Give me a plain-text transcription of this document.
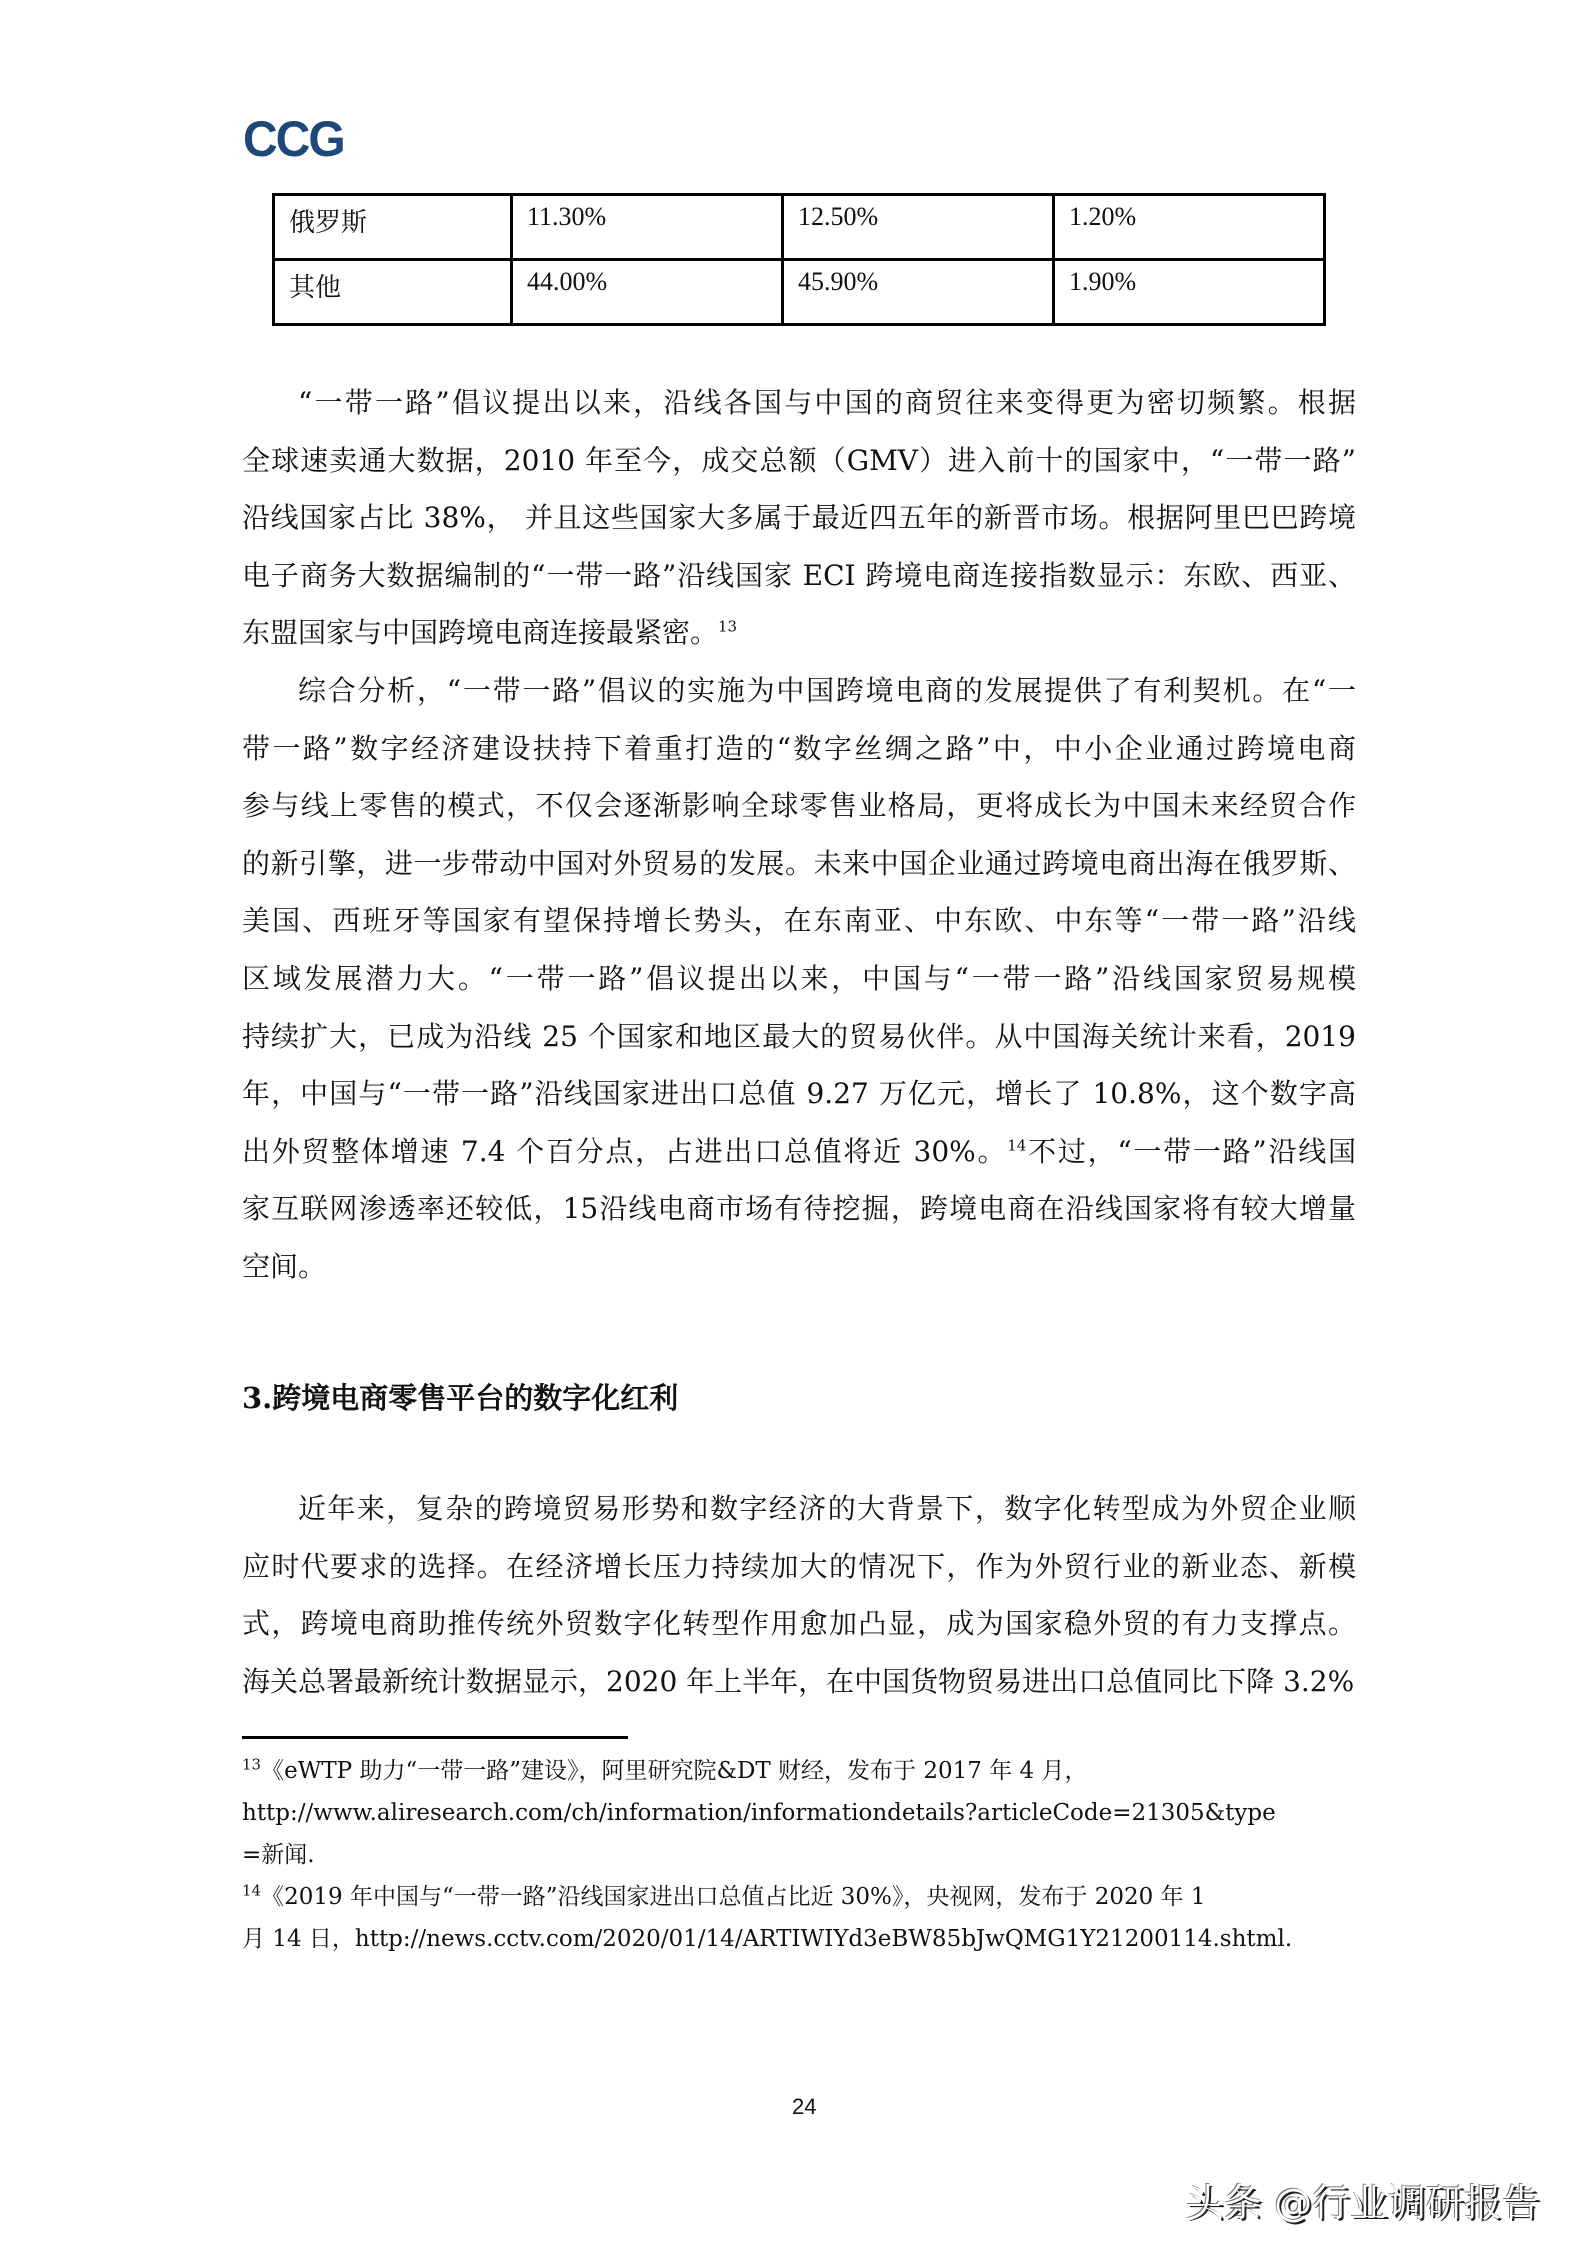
CCG
俄罗斯	11.30%	12.50%	1.20%
其他	44.00%	45.90%	1.90%
“一带一路”倡议提出以来，沿线各国与中国的商贸往来变得更为密切频繁。根据
全球速卖通大数据，2010 年至今，成交总额（GMV）进入前十的国家中，“一带一路”
沿线国家占比 38%， 并且这些国家大多属于最近四五年的新晋市场。根据阿里巴巴跨境
电子商务大数据编制的“一带一路”沿线国家 ECI 跨境电商连接指数显示：东欧、西亚、
东盟国家与中国跨境电商连接最紧密。$^{13}$
综合分析，“一带一路”倡议的实施为中国跨境电商的发展提供了有利契机。在“一
带一路”数字经济建设扶持下着重打造的“数字丝绸之路”中，中小企业通过跨境电商
参与线上零售的模式，不仅会逐渐影响全球零售业格局，更将成长为中国未来经贸合作
的新引擎，进一步带动中国对外贸易的发展。未来中国企业通过跨境电商出海在俄罗斯、
美国、西班牙等国家有望保持增长势头，在东南亚、中东欧、中东等“一带一路”沿线
区域发展潜力大。“一带一路”倡议提出以来，中国与“一带一路”沿线国家贸易规模
持续扩大，已成为沿线 25 个国家和地区最大的贸易伙伴。从中国海关统计来看，2019
年，中国与“一带一路”沿线国家进出口总值 9.27 万亿元，增长了 10.8%，这个数字高
出外贸整体增速 7.4 个百分点，占进出口总值将近 30%。$^{14}$不过，“一带一路”沿线国
家互联网渗透率还较低，15沿线电商市场有待挖掘，跨境电商在沿线国家将有较大增量
空间。
3.跨境电商零售平台的数字化红利
近年来，复杂的跨境贸易形势和数字经济的大背景下，数字化转型成为外贸企业顺
应时代要求的选择。在经济增长压力持续加大的情况下，作为外贸行业的新业态、新模
式，跨境电商助推传统外贸数字化转型作用愈加凸显，成为国家稳外贸的有力支撑点。
海关总署最新统计数据显示，2020 年上半年，在中国货物贸易进出口总值同比下降 3.2%
$^{13}$《eWTP 助力“一带一路”建设》，阿里研究院&DT 财经，发布于 2017 年 4 月，
http://www.aliresearch.com/ch/information/informationdetails?articleCode=21305&type
=新闻.
$^{14}$《2019 年中国与“一带一路”沿线国家进出口总值占比近 30%》，央视网，发布于 2020 年 1
月 14 日，http://news.cctv.com/2020/01/14/ARTIWIYd3eBW85bJwQMG1Y21200114.shtml.
24
头条 @行业调研报告
